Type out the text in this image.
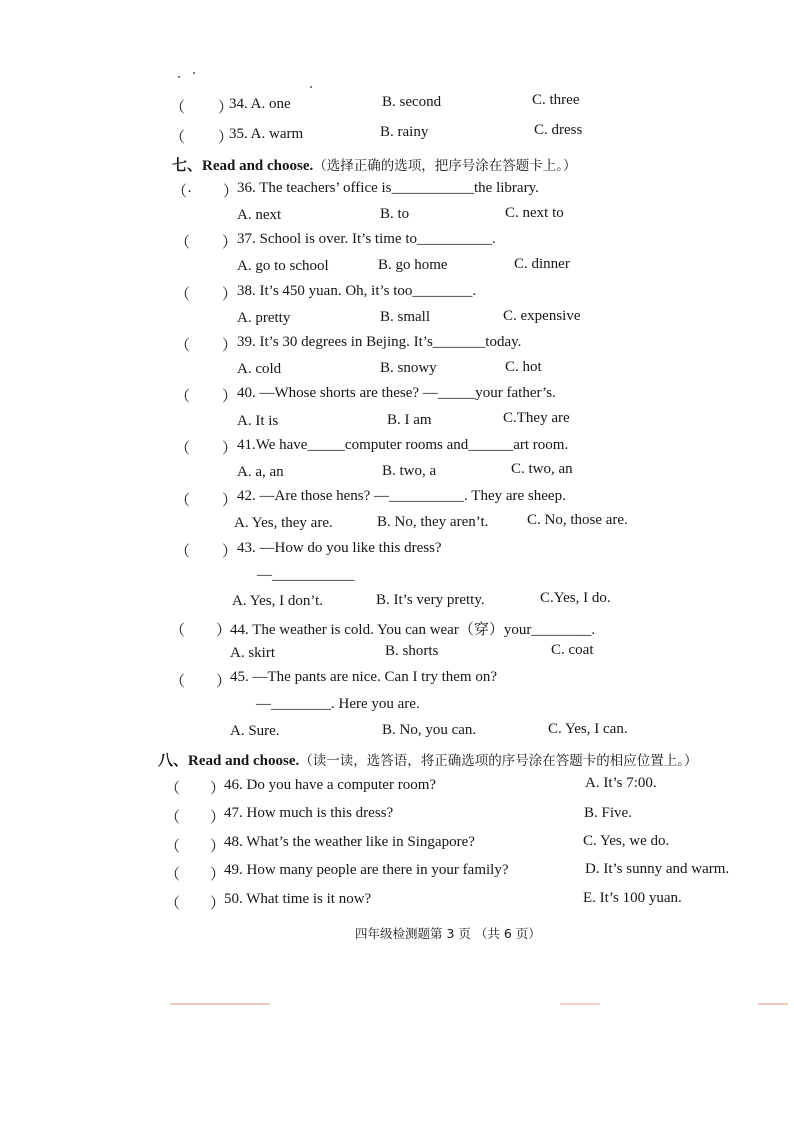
（ ）
34. A. one	B. second	C. three
（ ）
35. A. warm	B. rainy	C. dress
七、Read and choose.（选择正确的选项，把序号涂在答题卡上。）
（· ）
36. The teachers’ office is___________the library.
A. next	B. to	C. next to
（ ） 37. School is over. It’s time to__________.
A. go to school	B. go home	C. dinner
（ ） 38. It’s 450 yuan. Oh, it’s too________.
A. pretty	B. small	C. expensive
（ ） 39. It’s 30 degrees in Bejing. It’s_______today.
A. cold	B. snowy	C. hot
（ ） 40. —Whose shorts are these? —_____your father’s.
A. It is	B. I am	C.They are
（ ） 41.We have_____computer rooms and______art room.
A. a, an	B. two, a	C. two, an
（ ） 42. —Are those hens? —__________. They are sheep.
A. Yes, they are.	B. No, they aren’t.	C. No, those are.
（ ） 43. —How do you like this dress?
—___________
A. Yes, I don’t.	B. It’s very pretty.	C.Yes, I do.
（ ）
44. The weather is cold. You can wear（穿）your________.
A. skirt	B. shorts	C. coat
（ ）
45. —The pants are nice. Can I try them on?
—________. Here you are.
A. Sure.	B. No, you can.	C. Yes, I can.
八、Read and choose.（读一读，选答语，将正确选项的序号涂在答题卡的相应位置上。）
（ ）
46. Do you have a computer room?	A. It’s 7:00.
（ ）
47. How much is this dress?	B. Five.
（ ）
48. What’s the weather like in Singapore?	C. Yes, we do.
（ ）
49. How many people are there in your family?	D. It’s sunny and warm.
（ ）
50. What time is it now?	E. It’s 100 yuan.
四年级检测题第 3 页 （共 6 页）
